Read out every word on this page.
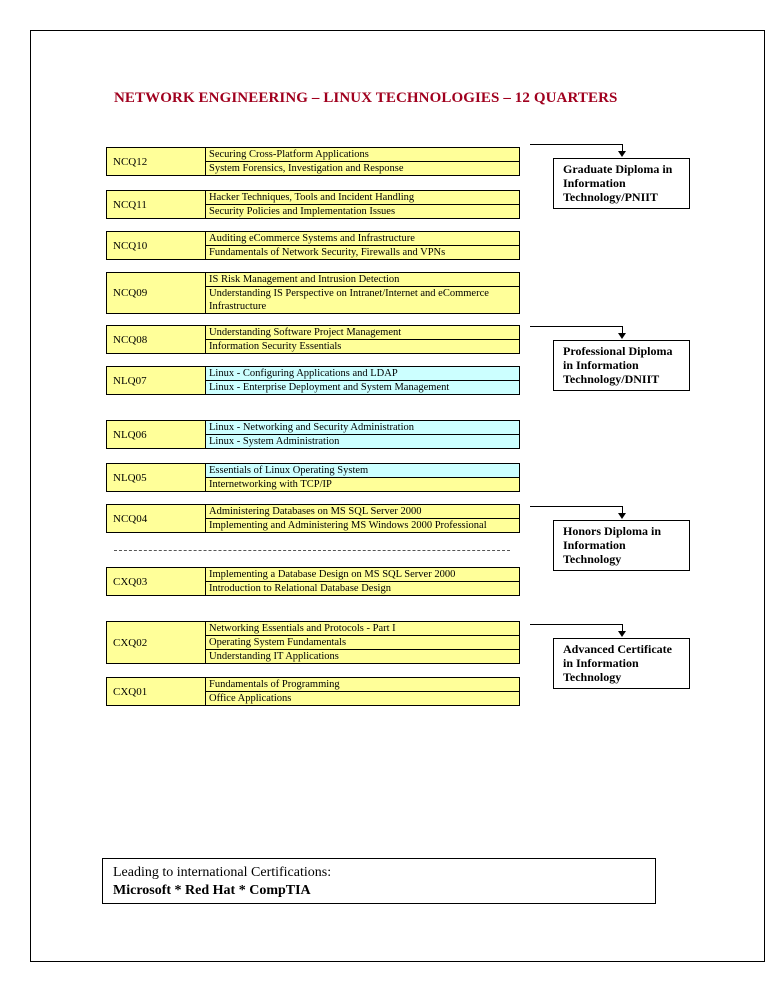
NETWORK ENGINEERING – LINUX TECHNOLOGIES – 12 QUARTERS
NCQ12
Securing Cross-Platform Applications
System Forensics, Investigation and Response
NCQ11
Hacker Techniques, Tools and Incident Handling
Security Policies and Implementation Issues
NCQ10
Auditing eCommerce Systems and Infrastructure
Fundamentals of Network Security, Firewalls and VPNs
NCQ09
IS Risk Management and Intrusion Detection
Understanding IS Perspective on Intranet/Internet and eCommerce Infrastructure
NCQ08
Understanding Software Project Management
Information Security Essentials
NLQ07
Linux - Configuring Applications and LDAP
Linux - Enterprise Deployment and System Management
NLQ06
Linux - Networking and Security Administration
Linux - System Administration
NLQ05
Essentials of Linux Operating System
Internetworking with TCP/IP
NCQ04
Administering Databases on MS SQL Server 2000
Implementing and Administering MS Windows 2000 Professional
CXQ03
Implementing a Database Design on MS SQL Server 2000
Introduction to Relational Database Design
CXQ02
Networking Essentials and Protocols - Part I
Operating System Fundamentals
Understanding IT Applications
CXQ01
Fundamentals of Programming
Office Applications
Graduate Diploma in Information Technology/PNIIT
Professional Diploma in Information Technology/DNIIT
Honors Diploma in Information Technology
Advanced Certificate in Information Technology
Leading to international Certifications:
Microsoft * Red Hat * CompTIA
